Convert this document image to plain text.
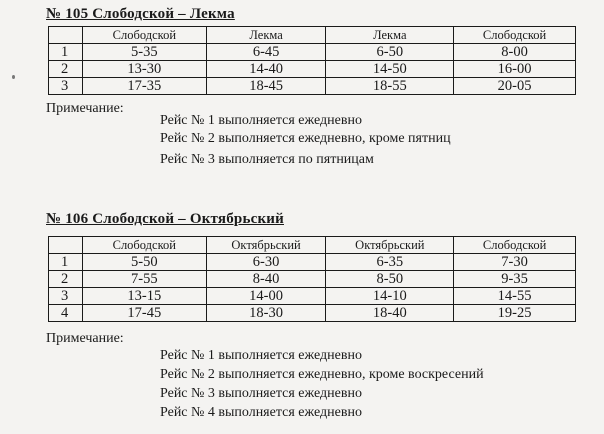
№ 105 Слободской – Лекма
	Слободской	Лекма	Лекма	Слободской
1	5-35	6-45	6-50	8-00
2	13-30	14-40	14-50	16-00
3	17-35	18-45	18-55	20-05
Примечание:
Рейс № 1 выполняется ежедневно
Рейс № 2 выполняется ежедневно, кроме пятниц
Рейс № 3 выполняется по пятницам
№ 106 Слободской – Октябрьский
	Слободской	Октябрьский	Октябрьский	Слободской
1	5-50	6-30	6-35	7-30
2	7-55	8-40	8-50	9-35
3	13-15	14-00	14-10	14-55
4	17-45	18-30	18-40	19-25
Примечание:
Рейс № 1 выполняется ежедневно
Рейс № 2 выполняется ежедневно, кроме воскресений
Рейс № 3 выполняется ежедневно
Рейс № 4 выполняется ежедневно
